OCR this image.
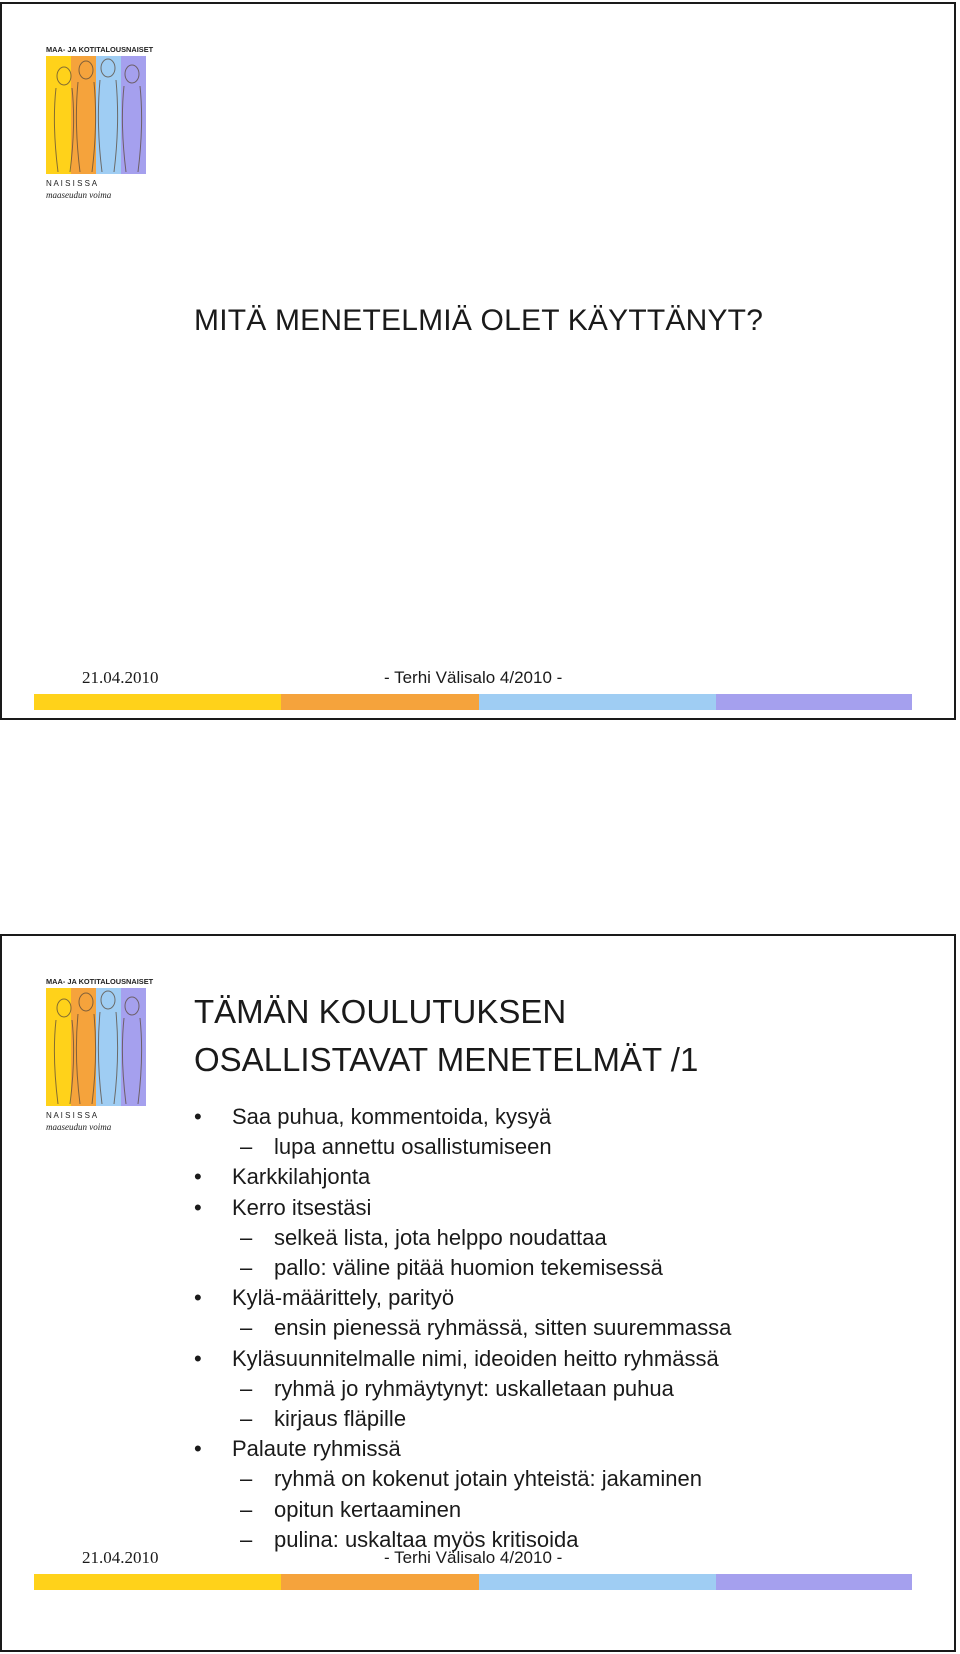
MAA- JA KOTITALOUSNAISET
N A I S I S S A
maaseudun voima
MITÄ MENETELMIÄ OLET KÄYTTÄNYT?
21.04.2010	- Terhi Välisalo 4/2010 -
MAA- JA KOTITALOUSNAISET
N A I S I S S A
maaseudun voima
TÄMÄN KOULUTUKSEN
OSALLISTAVAT MENETELMÄT /1
• Saa puhua, kommentoida, kysyä
– lupa annettu osallistumiseen
• Karkkilahjonta
• Kerro itsestäsi
– selkeä lista, jota helppo noudattaa
– pallo: väline pitää huomion tekemisessä
• Kylä-määrittely, parityö
– ensin pienessä ryhmässä, sitten suuremmassa
• Kyläsuunnitelmalle nimi, ideoiden heitto ryhmässä
– ryhmä jo ryhmäytynyt: uskalletaan puhua
– kirjaus fläpille
• Palaute ryhmissä
– ryhmä on kokenut jotain yhteistä: jakaminen
– opitun kertaaminen
– pulina: uskaltaa myös kritisoida
21.04.2010	- Terhi Välisalo 4/2010 -
